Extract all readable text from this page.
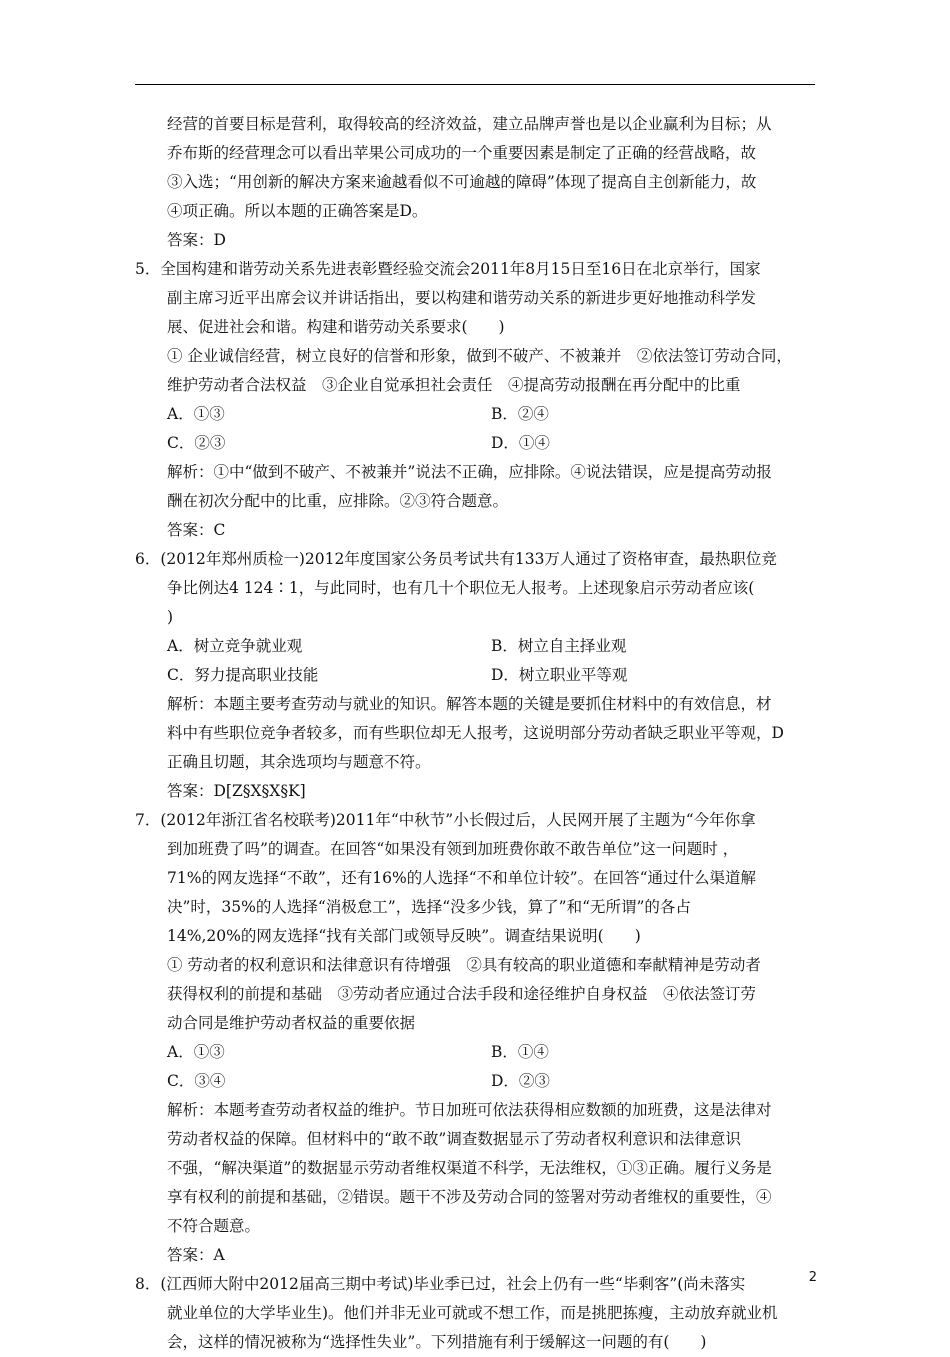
经营的首要目标是营利，取得较高的经济效益，建立品牌声誉也是以企业赢利为目标；从
乔布斯的经营理念可以看出苹果公司成功的一个重要因素是制定了正确的经营战略，故
③入选；“用创新的解决方案来逾越看似不可逾越的障碍”体现了提高自主创新能力，故
④项正确。所以本题的正确答案是D。
答案：D
5．全国构建和谐劳动关系先进表彰暨经验交流会2011年8月15日至16日在北京举行，国家
副主席习近平出席会议并讲话指出，要以构建和谐劳动关系的新进步更好地推动科学发
展、促进社会和谐。构建和谐劳动关系要求(　　)
① 企业诚信经营，树立良好的信誉和形象，做到不破产、不被兼并　②依法签订劳动合同，
维护劳动者合法权益　③企业自觉承担社会责任　④提高劳动报酬在再分配中的比重
A．①③	B．②④
C．②③	D．①④
解析：①中“做到不破产、不被兼并”说法不正确，应排除。④说法错误，应是提高劳动报
酬在初次分配中的比重，应排除。②③符合题意。
答案：C
6．(2012年郑州质检一)2012年度国家公务员考试共有133万人通过了资格审查，最热职位竞
争比例达4 124∶1，与此同时，也有几十个职位无人报考。上述现象启示劳动者应该(
)
A．树立竞争就业观	B．树立自主择业观
C．努力提高职业技能	D．树立职业平等观
解析：本题主要考查劳动与就业的知识。解答本题的关键是要抓住材料中的有效信息，材
料中有些职位竞争者较多，而有些职位却无人报考，这说明部分劳动者缺乏职业平等观，D
正确且切题，其余选项均与题意不符。
答案：D[Z§X§X§K]
7．(2012年浙江省名校联考)2011年“中秋节”小长假过后，人民网开展了主题为“今年你拿
到加班费了吗”的调查。在回答“如果没有领到加班费你敢不敢告单位”这一问题时 ，
71%的网友选择“不敢”，还有16%的人选择“不和单位计较”。在回答“通过什么渠道解
决”时，35%的人选择“消极怠工”，选择“没多少钱，算了”和“无所谓”的各占
14%,20%的网友选择“找有关部门或领导反映”。调查结果说明(　　)
① 劳动者的权利意识和法律意识有待增强　②具有较高的职业道德和奉献精神是劳动者
获得权利的前提和基础　③劳动者应通过合法手段和途径维护自身权益　④依法签订劳
动合同是维护劳动者权益的重要依据
A．①③	B．①④
C．③④	D．②③
解析：本题考查劳动者权益的维护。节日加班可依法获得相应数额的加班费，这是法律对
劳动者权益的保障。但材料中的“敢不敢”调查数据显示了劳动者权利意识和法律意识
不强，“解决渠道”的数据显示劳动者维权渠道不科学，无法维权，①③正确。履行义务是
享有权利的前提和基础，②错误。题干不涉及劳动合同的签署对劳动者维权的重要性，④
不符合题意。
答案：A
8．(江西师大附中2012届高三期中考试)毕业季已过，社会上仍有一些“毕剩客”(尚未落实
就业单位的大学毕业生)。他们并非无业可就或不想工作，而是挑肥拣瘦，主动放弃就业机
会，这样的情况被称为“选择性失业”。下列措施有利于缓解这一问题的有(　　)
2
